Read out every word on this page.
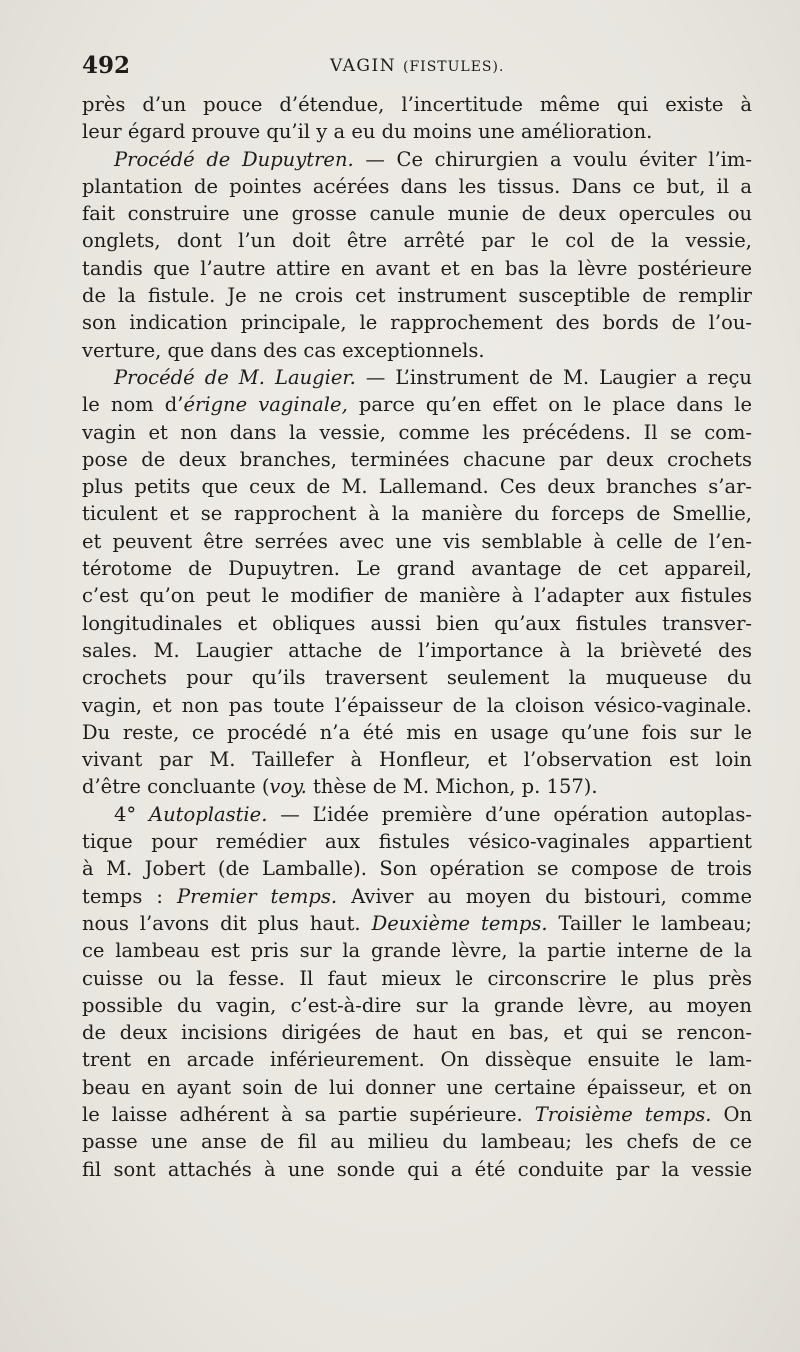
492	VAGIN (FISTULES).
près d’un pouce d’étendue, l’incertitude même qui existe à
leur égard prouve qu’il y a eu du moins une amélioration.
Procédé de Dupuytren. — Ce chirurgien a voulu éviter l’im-
plantation de pointes acérées dans les tissus. Dans ce but, il a
fait construire une grosse canule munie de deux opercules ou
onglets, dont l’un doit être arrêté par le col de la vessie,
tandis que l’autre attire en avant et en bas la lèvre postérieure
de la fistule. Je ne crois cet instrument susceptible de remplir
son indication principale, le rapprochement des bords de l’ou-
verture, que dans des cas exceptionnels.
Procédé de M. Laugier. — L’instrument de M. Laugier a reçu
le nom d’érigne vaginale, parce qu’en effet on le place dans le
vagin et non dans la vessie, comme les précédens. Il se com-
pose de deux branches, terminées chacune par deux crochets
plus petits que ceux de M. Lallemand. Ces deux branches s’ar-
ticulent et se rapprochent à la manière du forceps de Smellie,
et peuvent être serrées avec une vis semblable à celle de l’en-
térotome de Dupuytren. Le grand avantage de cet appareil,
c’est qu’on peut le modifier de manière à l’adapter aux fistules
longitudinales et obliques aussi bien qu’aux fistules transver-
sales. M. Laugier attache de l’importance à la brièveté des
crochets pour qu’ils traversent seulement la muqueuse du
vagin, et non pas toute l’épaisseur de la cloison vésico-vaginale.
Du reste, ce procédé n’a été mis en usage qu’une fois sur le
vivant par M. Taillefer à Honfleur, et l’observation est loin
d’être concluante (voy. thèse de M. Michon, p. 157).
4° Autoplastie. — L’idée première d’une opération autoplas-
tique pour remédier aux fistules vésico-vaginales appartient
à M. Jobert (de Lamballe). Son opération se compose de trois
temps : Premier temps. Aviver au moyen du bistouri, comme
nous l’avons dit plus haut. Deuxième temps. Tailler le lambeau;
ce lambeau est pris sur la grande lèvre, la partie interne de la
cuisse ou la fesse. Il faut mieux le circonscrire le plus près
possible du vagin, c’est-à-dire sur la grande lèvre, au moyen
de deux incisions dirigées de haut en bas, et qui se rencon-
trent en arcade inférieurement. On dissèque ensuite le lam-
beau en ayant soin de lui donner une certaine épaisseur, et on
le laisse adhérent à sa partie supérieure. Troisième temps. On
passe une anse de fil au milieu du lambeau; les chefs de ce
fil sont attachés à une sonde qui a été conduite par la vessie
